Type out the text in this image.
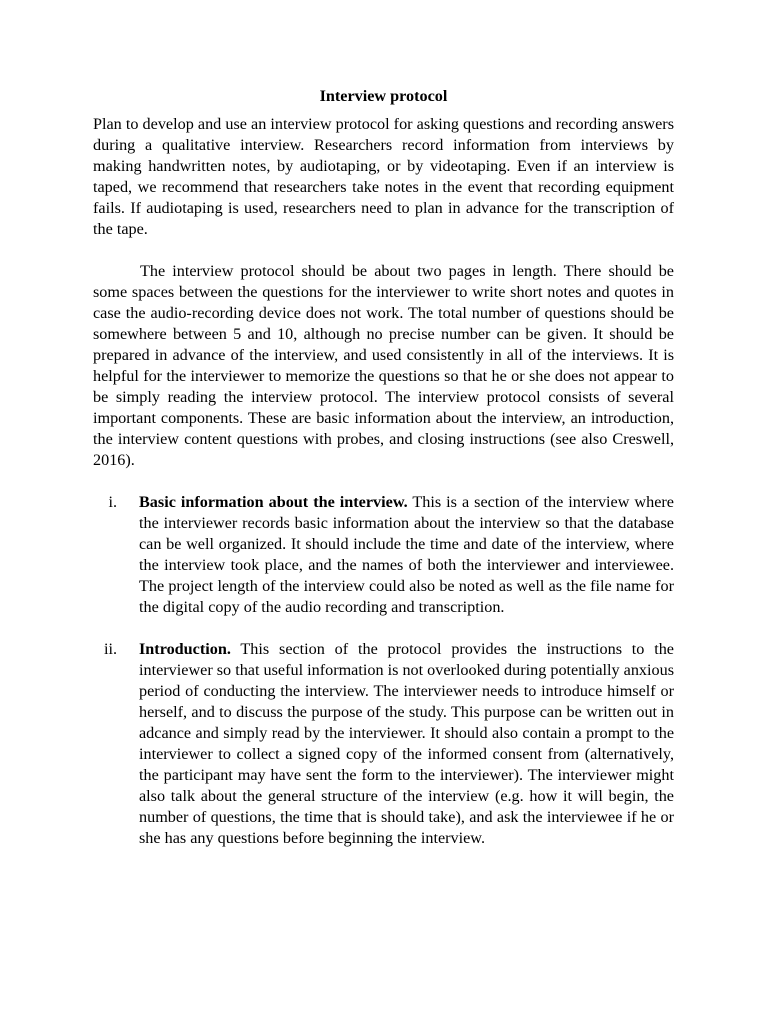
Interview protocol

Plan to develop and use an interview protocol for asking questions and recording answers during a qualitative interview. Researchers record information from interviews by making handwritten notes, by audiotaping, or by videotaping. Even if an interview is taped, we recommend that researchers take notes in the event that recording equipment fails. If audiotaping is used, researchers need to plan in advance for the transcription of the tape.

The interview protocol should be about two pages in length. There should be some spaces between the questions for the interviewer to write short notes and quotes in case the audio-recording device does not work. The total number of questions should be somewhere between 5 and 10, although no precise number can be given. It should be prepared in advance of the interview, and used consistently in all of the interviews. It is helpful for the interviewer to memorize the questions so that he or she does not appear to be simply reading the interview protocol. The interview protocol consists of several important components. These are basic information about the interview, an introduction, the interview content questions with probes, and closing instructions (see also Creswell, 2016).

i. Basic information about the interview. This is a section of the interview where the interviewer records basic information about the interview so that the database can be well organized. It should include the time and date of the interview, where the interview took place, and the names of both the interviewer and interviewee. The project length of the interview could also be noted as well as the file name for the digital copy of the audio recording and transcription.
ii. Introduction. This section of the protocol provides the instructions to the interviewer so that useful information is not overlooked during potentially anxious period of conducting the interview. The interviewer needs to introduce himself or herself, and to discuss the purpose of the study. This purpose can be written out in adcance and simply read by the interviewer. It should also contain a prompt to the interviewer to collect a signed copy of the informed consent from (alternatively, the participant may have sent the form to the interviewer). The interviewer might also talk about the general structure of the interview (e.g. how it will begin, the number of questions, the time that is should take), and ask the interviewee if he or she has any questions before beginning the interview.
